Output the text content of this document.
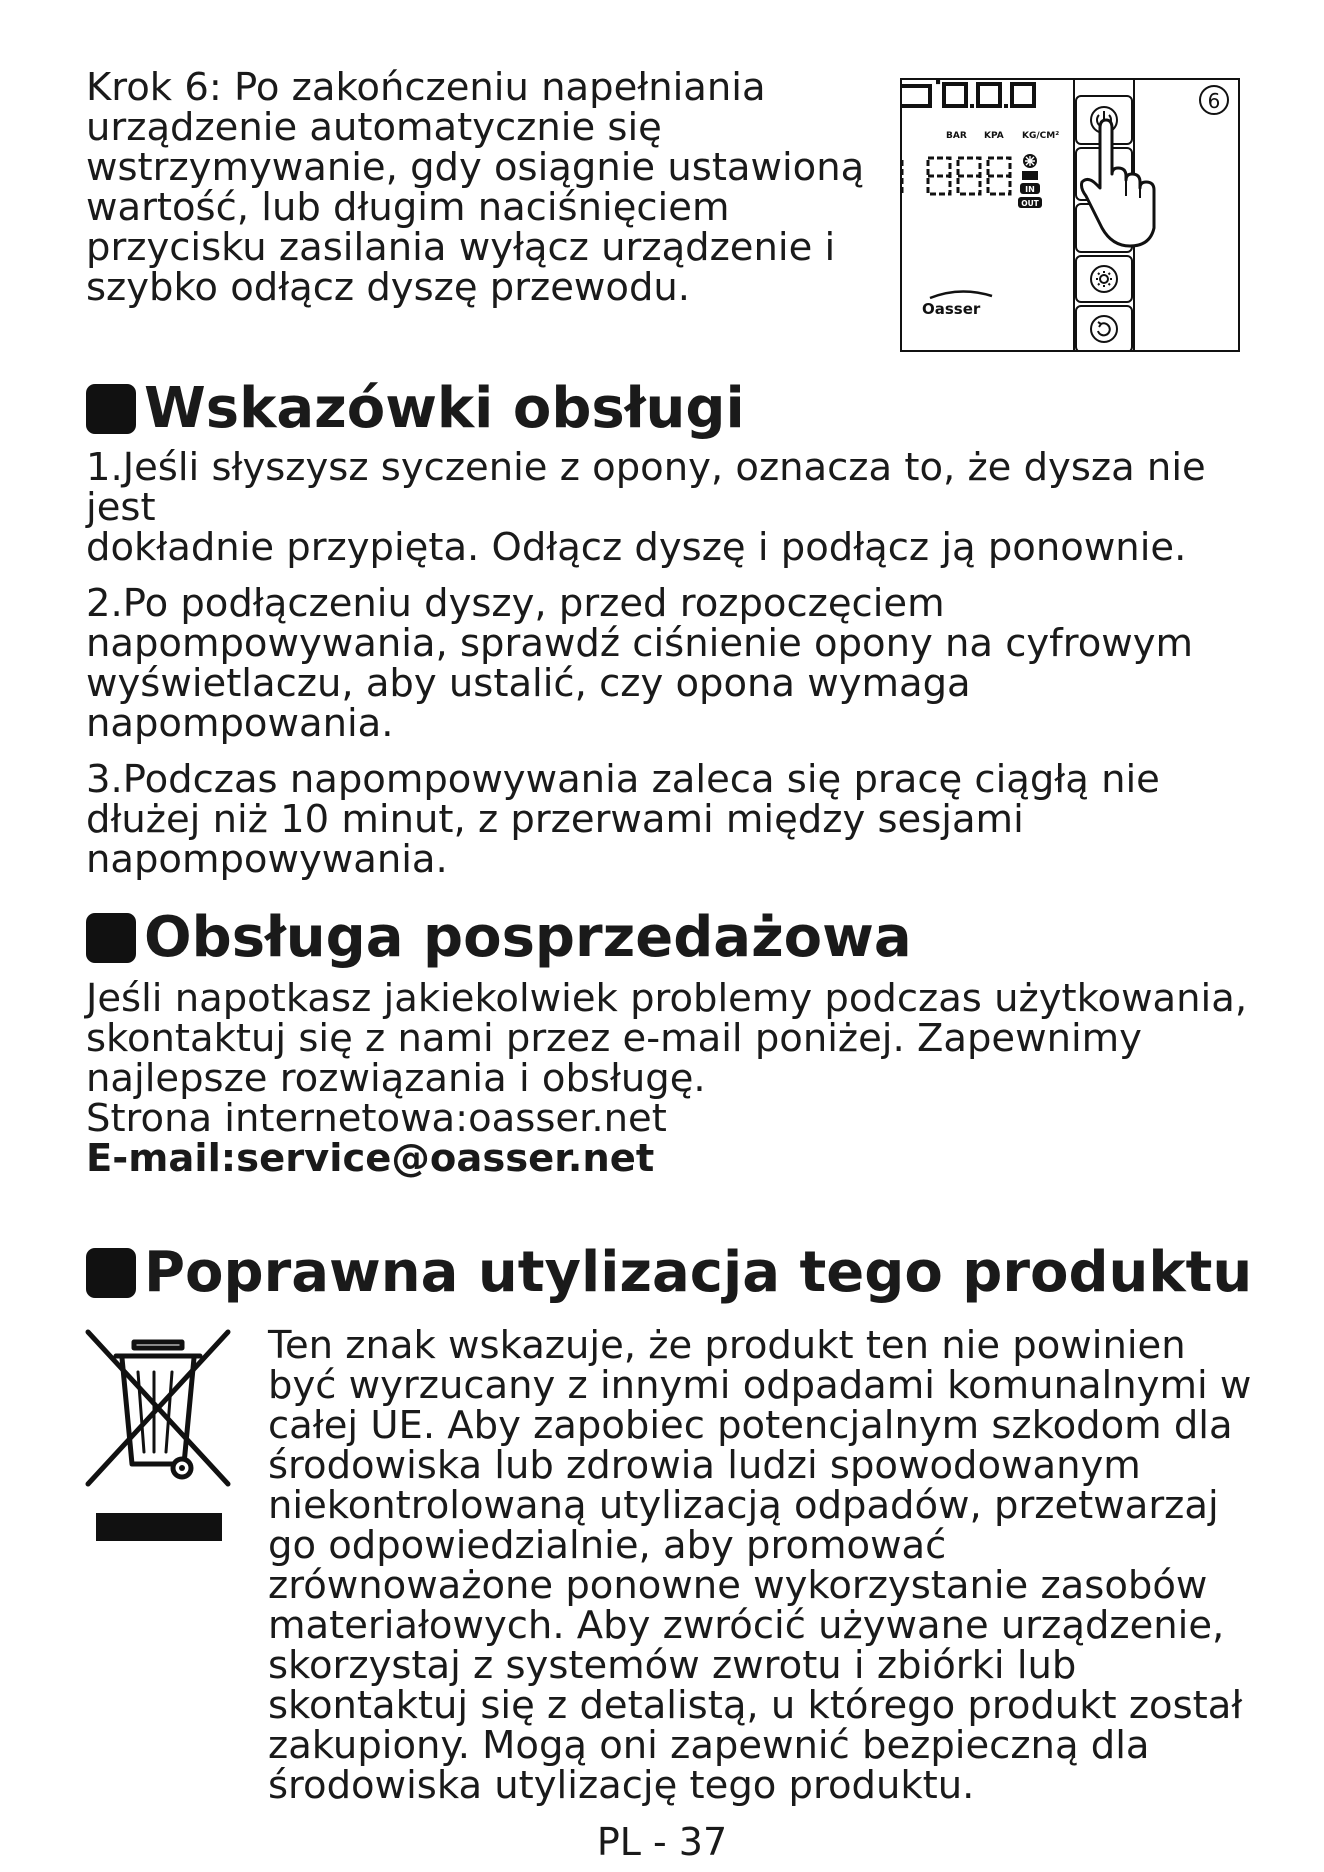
Krok 6: Po zakończeniu napełniania

urządzenie automatycznie się

wstrzymywanie, gdy osiągnie ustawioną

wartość, lub długim naciśnięciem

przycisku zasilania wyłącz urządzenie i

szybko odłącz dyszę przewodu.

BAR KPA KG/CM²
IN
OUT
Oasser
6
Wskazówki obsługi

1.Jeśli słyszysz syczenie z opony, oznacza to, że dysza nie jest
dokładnie przypięta. Odłącz dyszę i podłącz ją ponownie.

2.Po podłączeniu dyszy, przed rozpoczęciem
napompowywania, sprawdź ciśnienie opony na cyfrowym
wyświetlaczu, aby ustalić, czy opona wymaga
napompowania.

3.Podczas napompowywania zaleca się pracę ciągłą nie
dłużej niż 10 minut, z przerwami między sesjami
napompowywania.

Obsługa posprzedażowa

Jeśli napotkasz jakiekolwiek problemy podczas użytkowania,

skontaktuj się z nami przez e-mail poniżej. Zapewnimy

najlepsze rozwiązania i obsługę.

Strona internetowa:oasser.net

E-mail:service@oasser.net

Poprawna utylizacja tego produktu

Ten znak wskazuje, że produkt ten nie powinien

być wyrzucany z innymi odpadami komunalnymi w

całej UE. Aby zapobiec potencjalnym szkodom dla

środowiska lub zdrowia ludzi spowodowanym

niekontrolowaną utylizacją odpadów, przetwarzaj

go odpowiedzialnie, aby promować

zrównoważone ponowne wykorzystanie zasobów

materiałowych. Aby zwrócić używane urządzenie,

skorzystaj z systemów zwrotu i zbiórki lub

skontaktuj się z detalistą, u którego produkt został

zakupiony. Mogą oni zapewnić bezpieczną dla

środowiska utylizację tego produktu.

PL - 37
